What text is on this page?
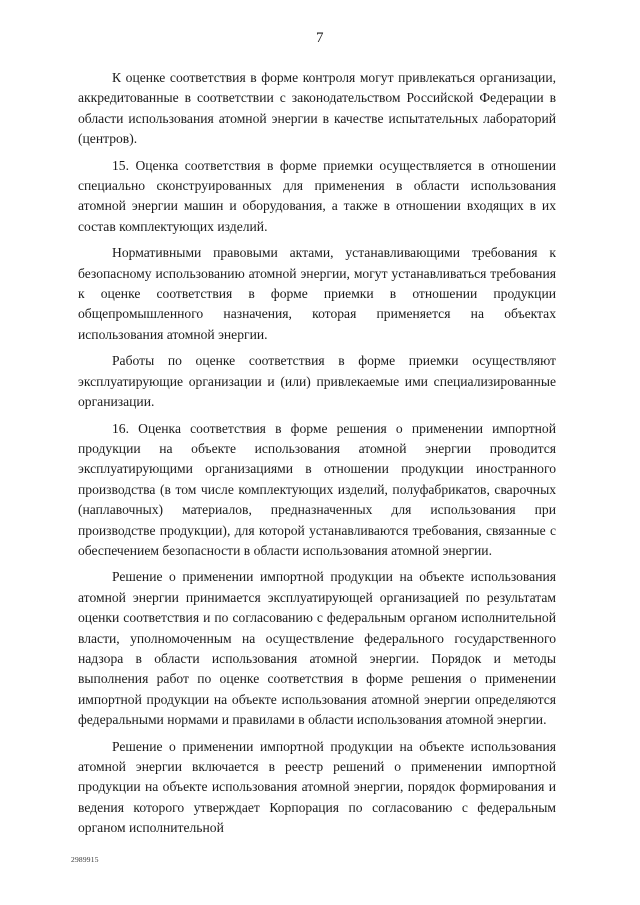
7

К оценке соответствия в форме контроля могут привлекаться организации, аккредитованные в соответствии с законодательством Российской Федерации в области использования атомной энергии в качестве испытательных лабораторий (центров).

15. Оценка соответствия в форме приемки осуществляется в отношении специально сконструированных для применения в области использования атомной энергии машин и оборудования, а также в отношении входящих в их состав комплектующих изделий.

Нормативными правовыми актами, устанавливающими требования к безопасному использованию атомной энергии, могут устанавливаться требования к оценке соответствия в форме приемки в отношении продукции общепромышленного назначения, которая применяется на объектах использования атомной энергии.

Работы по оценке соответствия в форме приемки осуществляют эксплуатирующие организации и (или) привлекаемые ими специализированные организации.

16. Оценка соответствия в форме решения о применении импортной продукции на объекте использования атомной энергии проводится эксплуатирующими организациями в отношении продукции иностранного производства (в том числе комплектующих изделий, полуфабрикатов, сварочных (наплавочных) материалов, предназначенных для использования при производстве продукции), для которой устанавливаются требования, связанные с обеспечением безопасности в области использования атомной энергии.

Решение о применении импортной продукции на объекте использования атомной энергии принимается эксплуатирующей организацией по результатам оценки соответствия и по согласованию с федеральным органом исполнительной власти, уполномоченным на осуществление федерального государственного надзора в области использования атомной энергии. Порядок и методы выполнения работ по оценке соответствия в форме решения о применении импортной продукции на объекте использования атомной энергии определяются федеральными нормами и правилами в области использования атомной энергии.

Решение о применении импортной продукции на объекте использования атомной энергии включается в реестр решений о применении импортной продукции на объекте использования атомной энергии, порядок формирования и ведения которого утверждает Корпорация по согласованию с федеральным органом исполнительной

2989915
